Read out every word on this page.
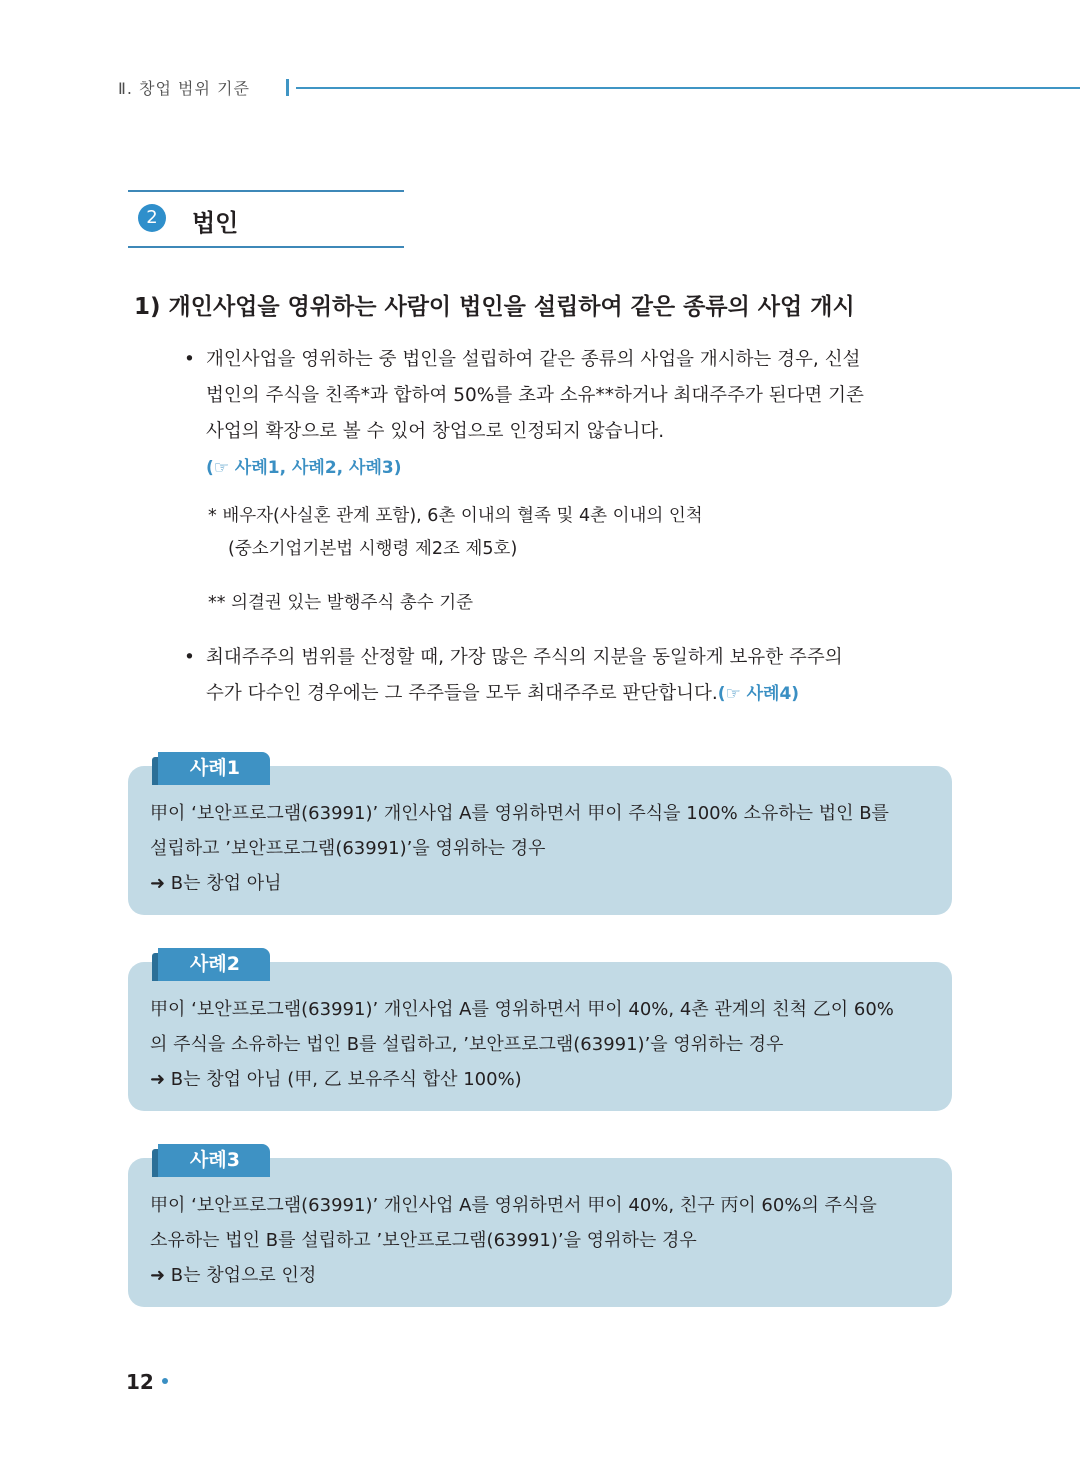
Ⅱ. 창업 범위 기준
2	법인
1) 개인사업을 영위하는 사람이 법인을 설립하여 같은 종류의 사업 개시
• 개인사업을 영위하는 중 법인을 설립하여 같은 종류의 사업을 개시하는 경우, 신설
법인의 주식을 친족*과 합하여 50%를 초과 소유**하거나 최대주주가 된다면 기존
사업의 확장으로 볼 수 있어 창업으로 인정되지 않습니다.
(☞ 사례1, 사례2, 사례3)
* 배우자(사실혼 관계 포함), 6촌 이내의 혈족 및 4촌 이내의 인척
(중소기업기본법 시행령 제2조 제5호)
** 의결권 있는 발행주식 총수 기준
• 최대주주의 범위를 산정할 때, 가장 많은 주식의 지분을 동일하게 보유한 주주의
수가 다수인 경우에는 그 주주들을 모두 최대주주로 판단합니다.(☞ 사례4)
甲이 ‘보안프로그램(63991)’ 개인사업 A를 영위하면서 甲이 주식을 100% 소유하는 법인 B를
설립하고 ’보안프로그램(63991)’을 영위하는 경우
➜ B는 창업 아님
사례1
甲이 ‘보안프로그램(63991)’ 개인사업 A를 영위하면서 甲이 40%, 4촌 관계의 친척 乙이 60%
의 주식을 소유하는 법인 B를 설립하고, ’보안프로그램(63991)’을 영위하는 경우
➜ B는 창업 아님 (甲, 乙 보유주식 합산 100%)
사례2
甲이 ‘보안프로그램(63991)’ 개인사업 A를 영위하면서 甲이 40%, 친구 丙이 60%의 주식을
소유하는 법인 B를 설립하고 ’보안프로그램(63991)’을 영위하는 경우
➜ B는 창업으로 인정
사례3
12
